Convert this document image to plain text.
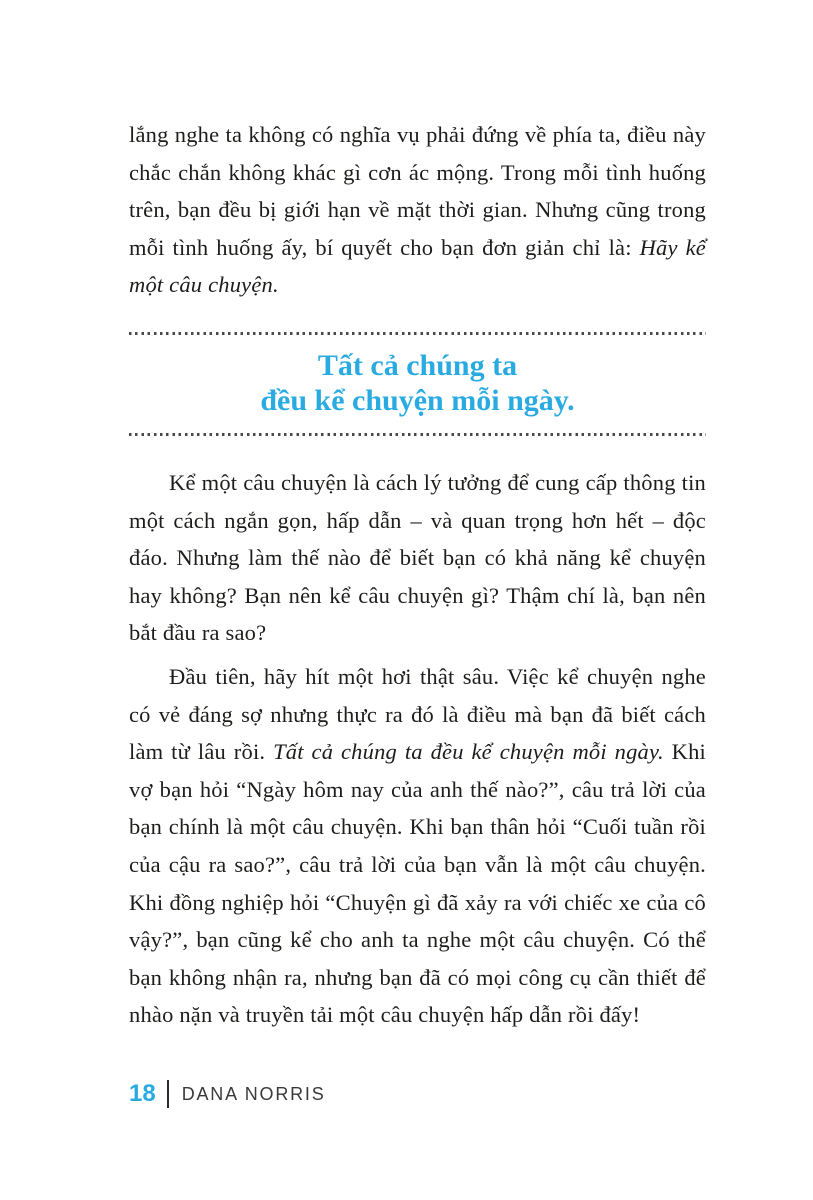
lắng nghe ta không có nghĩa vụ phải đứng về phía ta, điều này chắc chắn không khác gì cơn ác mộng. Trong mỗi tình huống trên, bạn đều bị giới hạn về mặt thời gian. Nhưng cũng trong mỗi tình huống ấy, bí quyết cho bạn đơn giản chỉ là: Hãy kể một câu chuyện.

Tất cả chúng ta
đều kể chuyện mỗi ngày.

Kể một câu chuyện là cách lý tưởng để cung cấp thông tin một cách ngắn gọn, hấp dẫn – và quan trọng hơn hết – độc đáo. Nhưng làm thế nào để biết bạn có khả năng kể chuyện hay không? Bạn nên kể câu chuyện gì? Thậm chí là, bạn nên bắt đầu ra sao?

Đầu tiên, hãy hít một hơi thật sâu. Việc kể chuyện nghe có vẻ đáng sợ nhưng thực ra đó là điều mà bạn đã biết cách làm từ lâu rồi. Tất cả chúng ta đều kể chuyện mỗi ngày. Khi vợ bạn hỏi “Ngày hôm nay của anh thế nào?”, câu trả lời của bạn chính là một câu chuyện. Khi bạn thân hỏi “Cuối tuần rồi của cậu ra sao?”, câu trả lời của bạn vẫn là một câu chuyện. Khi đồng nghiệp hỏi “Chuyện gì đã xảy ra với chiếc xe của cô vậy?”, bạn cũng kể cho anh ta nghe một câu chuyện. Có thể bạn không nhận ra, nhưng bạn đã có mọi công cụ cần thiết để nhào nặn và truyền tải một câu chuyện hấp dẫn rồi đấy!

18 DANA NORRIS
